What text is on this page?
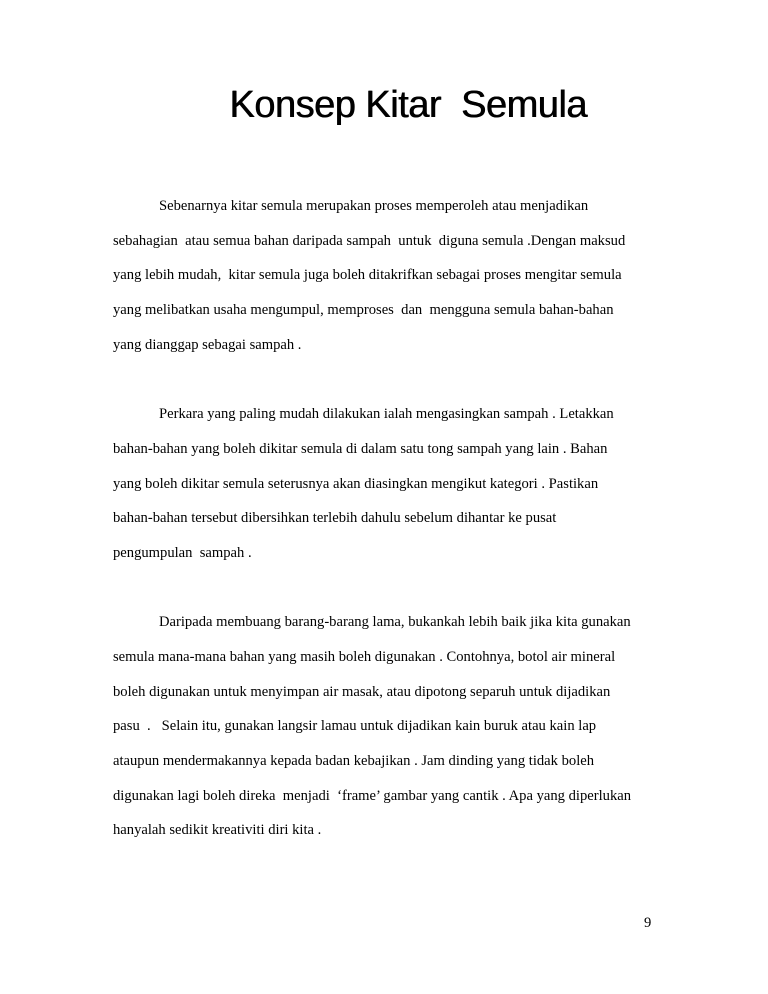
Konsep Kitar  Semula

Sebenarnya kitar semula merupakan proses memperoleh atau menjadikan

sebahagian  atau semua bahan daripada sampah  untuk  diguna semula .Dengan maksud

yang lebih mudah,  kitar semula juga boleh ditakrifkan sebagai proses mengitar semula

yang melibatkan usaha mengumpul, memproses  dan  mengguna semula bahan-bahan

yang dianggap sebagai sampah .

Perkara yang paling mudah dilakukan ialah mengasingkan sampah . Letakkan

bahan-bahan yang boleh dikitar semula di dalam satu tong sampah yang lain . Bahan

yang boleh dikitar semula seterusnya akan diasingkan mengikut kategori . Pastikan

bahan-bahan tersebut dibersihkan terlebih dahulu sebelum dihantar ke pusat

pengumpulan  sampah .

Daripada membuang barang-barang lama, bukankah lebih baik jika kita gunakan

semula mana-mana bahan yang masih boleh digunakan . Contohnya, botol air mineral

boleh digunakan untuk menyimpan air masak, atau dipotong separuh untuk dijadikan

pasu  .   Selain itu, gunakan langsir lamau untuk dijadikan kain buruk atau kain lap

ataupun mendermakannya kepada badan kebajikan . Jam dinding yang tidak boleh

digunakan lagi boleh direka  menjadi  ‘frame’ gambar yang cantik . Apa yang diperlukan

hanyalah sedikit kreativiti diri kita .

9
